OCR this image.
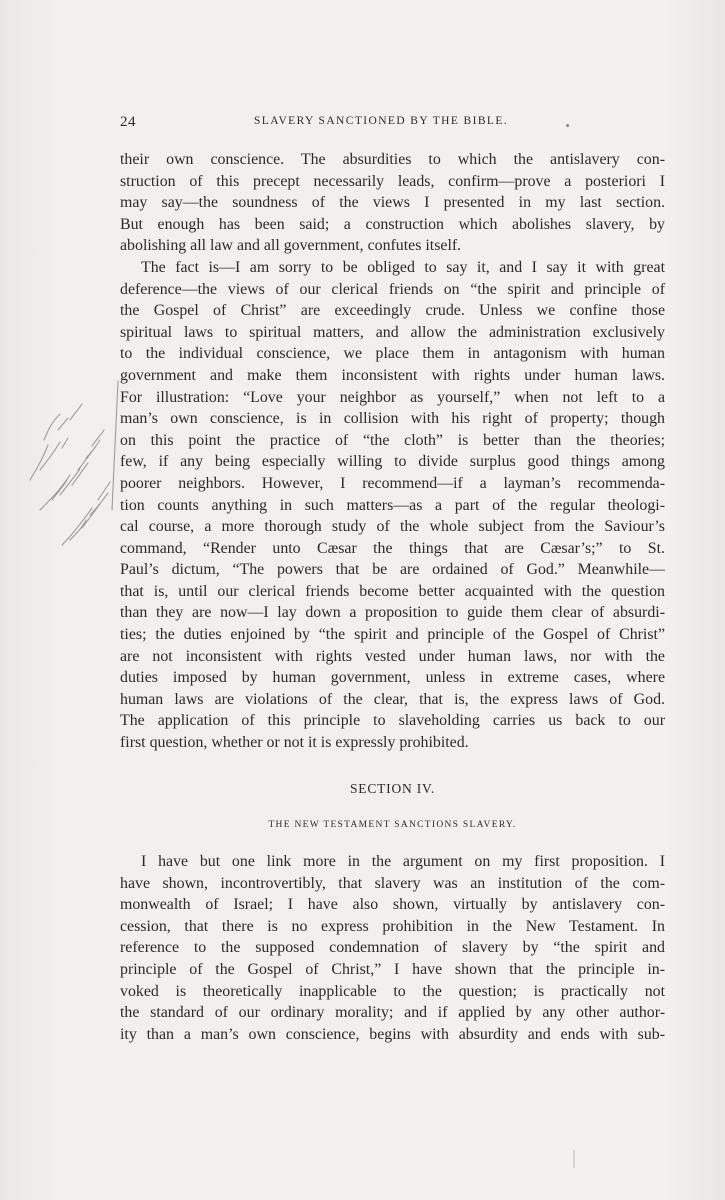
24	SLAVERY SANCTIONED BY THE BIBLE.
their own conscience. The absurdities to which the antislavery con-
struction of this precept necessarily leads, confirm—prove a posteriori I
may say—the soundness of the views I presented in my last section.
But enough has been said; a construction which abolishes slavery, by
abolishing all law and all government, confutes itself.
The fact is—I am sorry to be obliged to say it, and I say it with great
deference—the views of our clerical friends on “the spirit and principle of
the Gospel of Christ” are exceedingly crude. Unless we confine those
spiritual laws to spiritual matters, and allow the administration exclusively
to the individual conscience, we place them in antagonism with human
government and make them inconsistent with rights under human laws.
For illustration: “Love your neighbor as yourself,” when not left to a
man’s own conscience, is in collision with his right of property; though
on this point the practice of “the cloth” is better than the theories;
few, if any being especially willing to divide surplus good things among
poorer neighbors. However, I recommend—if a layman’s recommenda-
tion counts anything in such matters—as a part of the regular theologi-
cal course, a more thorough study of the whole subject from the Saviour’s
command, “Render unto Cæsar the things that are Cæsar’s;” to St.
Paul’s dictum, “The powers that be are ordained of God.” Meanwhile—
that is, until our clerical friends become better acquainted with the question
than they are now—I lay down a proposition to guide them clear of absurdi-
ties; the duties enjoined by “the spirit and principle of the Gospel of Christ”
are not inconsistent with rights vested under human laws, nor with the
duties imposed by human government, unless in extreme cases, where
human laws are violations of the clear, that is, the express laws of God.
The application of this principle to slaveholding carries us back to our
first question, whether or not it is expressly prohibited.
SECTION IV.
THE NEW TESTAMENT SANCTIONS SLAVERY.
I have but one link more in the argument on my first proposition. I
have shown, incontrovertibly, that slavery was an institution of the com-
monwealth of Israel; I have also shown, virtually by antislavery con-
cession, that there is no express prohibition in the New Testament. In
reference to the supposed condemnation of slavery by “the spirit and
principle of the Gospel of Christ,” I have shown that the principle in-
voked is theoretically inapplicable to the question; is practically not
the standard of our ordinary morality; and if applied by any other author-
ity than a man’s own conscience, begins with absurdity and ends with sub-
